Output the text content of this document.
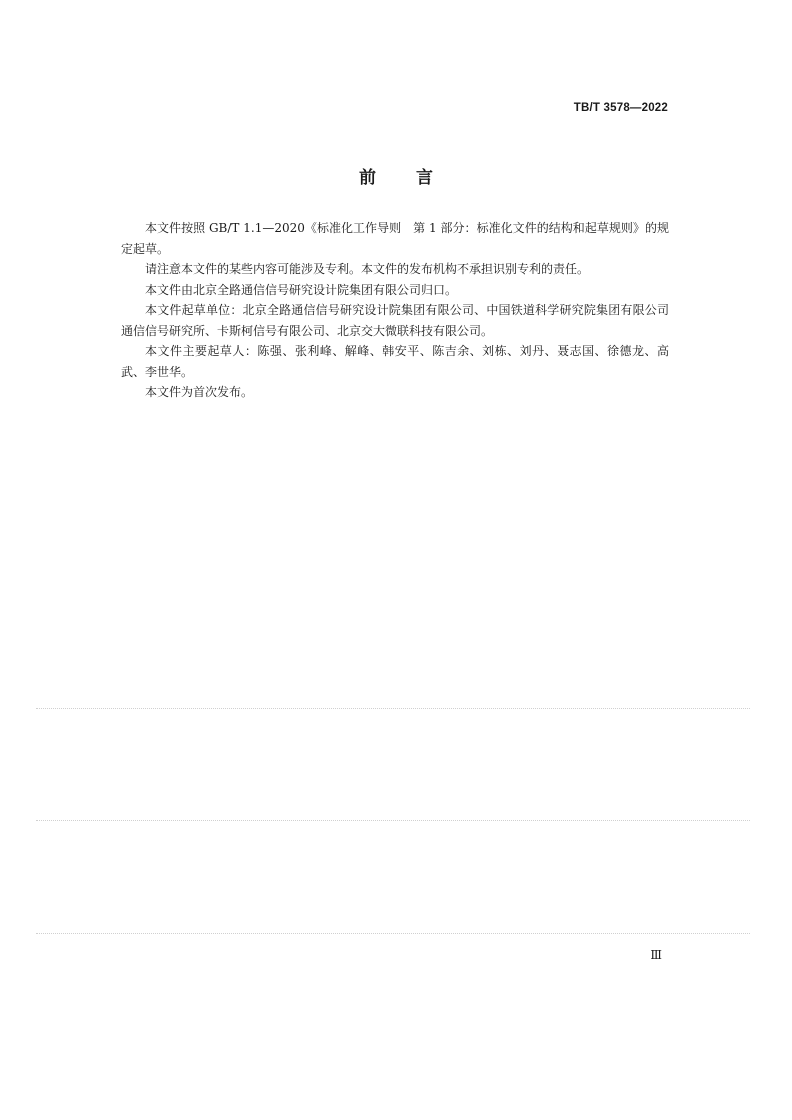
TB/T 3578—2022
前 言

本文件按照 GB/T 1.1—2020《标准化工作导则　第 1 部分：标准化文件的结构和起草规则》的规定起草。

请注意本文件的某些内容可能涉及专利。本文件的发布机构不承担识别专利的责任。

本文件由北京全路通信信号研究设计院集团有限公司归口。

本文件起草单位：北京全路通信信号研究设计院集团有限公司、中国铁道科学研究院集团有限公司通信信号研究所、卡斯柯信号有限公司、北京交大微联科技有限公司。

本文件主要起草人：陈强、张利峰、解峰、韩安平、陈吉余、刘栋、刘丹、聂志国、徐德龙、高武、李世华。

本文件为首次发布。

Ⅲ
